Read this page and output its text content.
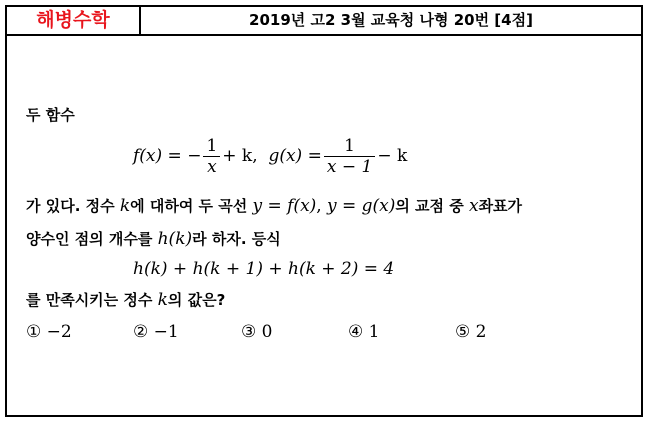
해병수학	2019년 고2 3월 교육청 나형 20번 [4점]
두 함수
f(x) = − $\frac{1}{x} + k$, $g(x) = \frac{1}{x - 1} - k$
가 있다. 정수 k에 대하여 두 곡선 y = f(x), y = g(x)의 교점 중 x좌표가
양수인 점의 개수를 h(k)라 하자. 등식
h(k) + h(k + 1) + h(k + 2) = 4
를 만족시키는 정수 k의 값은?
① −2	② −1	③ 0	④ 1	⑤ 2
